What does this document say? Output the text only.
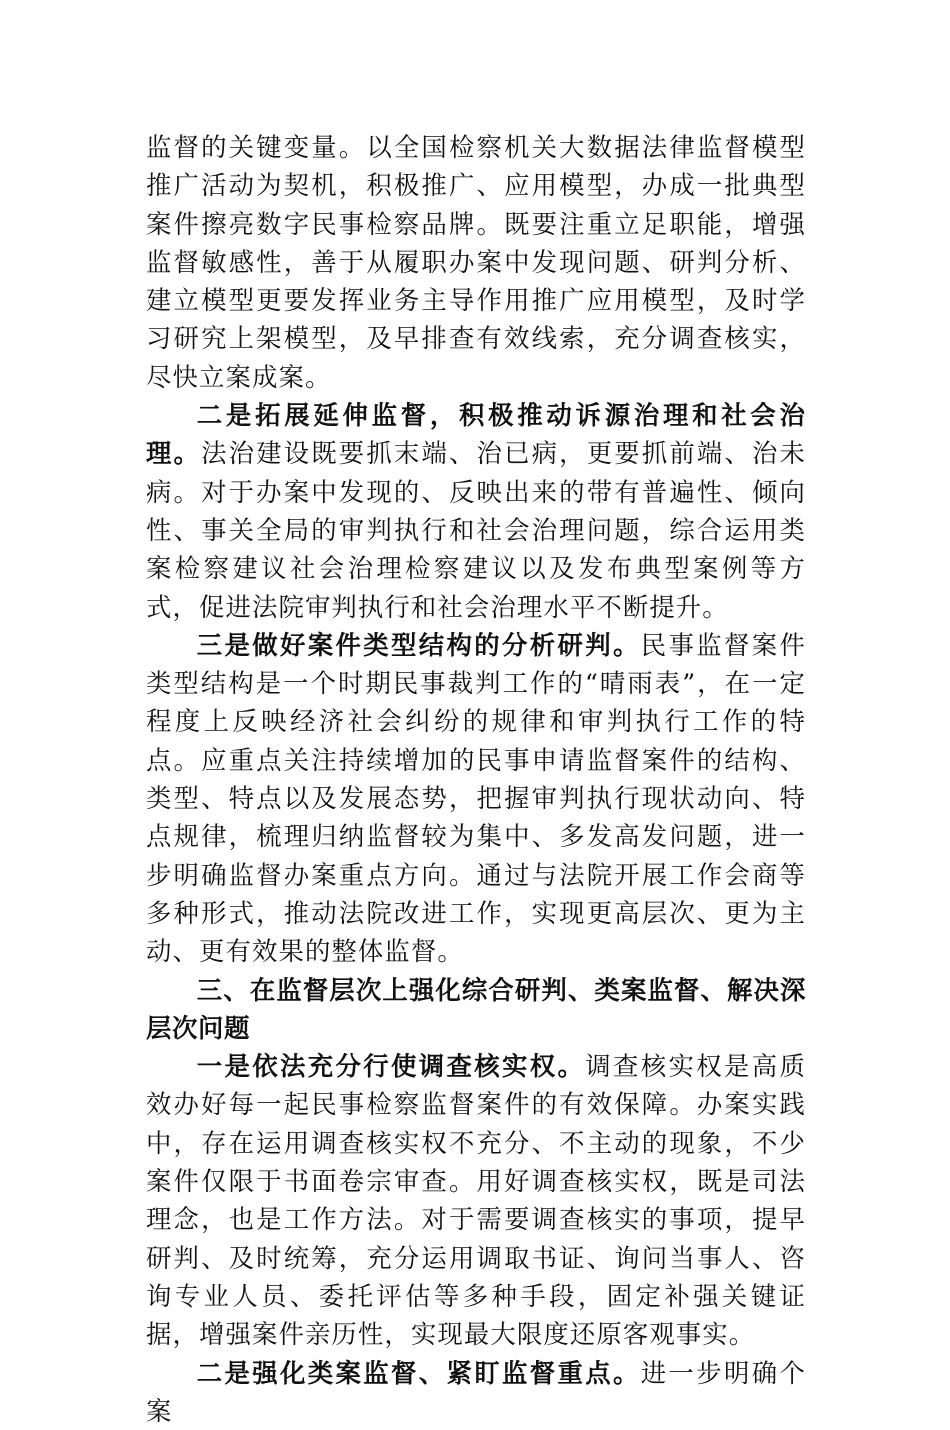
监督的关键变量。以全国检察机关大数据法律监督模型推广活动为契机，积极推广、应用模型，办成一批典型案件擦亮数字民事检察品牌。既要注重立足职能，增强监督敏感性，善于从履职办案中发现问题、研判分析、建立模型更要发挥业务主导作用推广应用模型，及时学习研究上架模型，及早排查有效线索，充分调查核实，尽快立案成案。

二是拓展延伸监督，积极推动诉源治理和社会治理。法治建设既要抓末端、治已病，更要抓前端、治未病。对于办案中发现的、反映出来的带有普遍性、倾向性、事关全局的审判执行和社会治理问题，综合运用类案检察建议社会治理检察建议以及发布典型案例等方式，促进法院审判执行和社会治理水平不断提升。

三是做好案件类型结构的分析研判。民事监督案件类型结构是一个时期民事裁判工作的“晴雨表”，在一定程度上反映经济社会纠纷的规律和审判执行工作的特点。应重点关注持续增加的民事申请监督案件的结构、类型、特点以及发展态势，把握审判执行现状动向、特点规律，梳理归纳监督较为集中、多发高发问题，进一步明确监督办案重点方向。通过与法院开展工作会商等多种形式，推动法院改进工作，实现更高层次、更为主动、更有效果的整体监督。

三、在监督层次上强化综合研判、类案监督、解决深层次问题

一是依法充分行使调查核实权。调查核实权是高质效办好每一起民事检察监督案件的有效保障。办案实践中，存在运用调查核实权不充分、不主动的现象，不少案件仅限于书面卷宗审查。用好调查核实权，既是司法理念，也是工作方法。对于需要调查核实的事项，提早研判、及时统筹，充分运用调取书证、询问当事人、咨询专业人员、委托评估等多种手段，固定补强关键证据，增强案件亲历性，实现最大限度还原客观事实。

二是强化类案监督、紧盯监督重点。进一步明确个案
